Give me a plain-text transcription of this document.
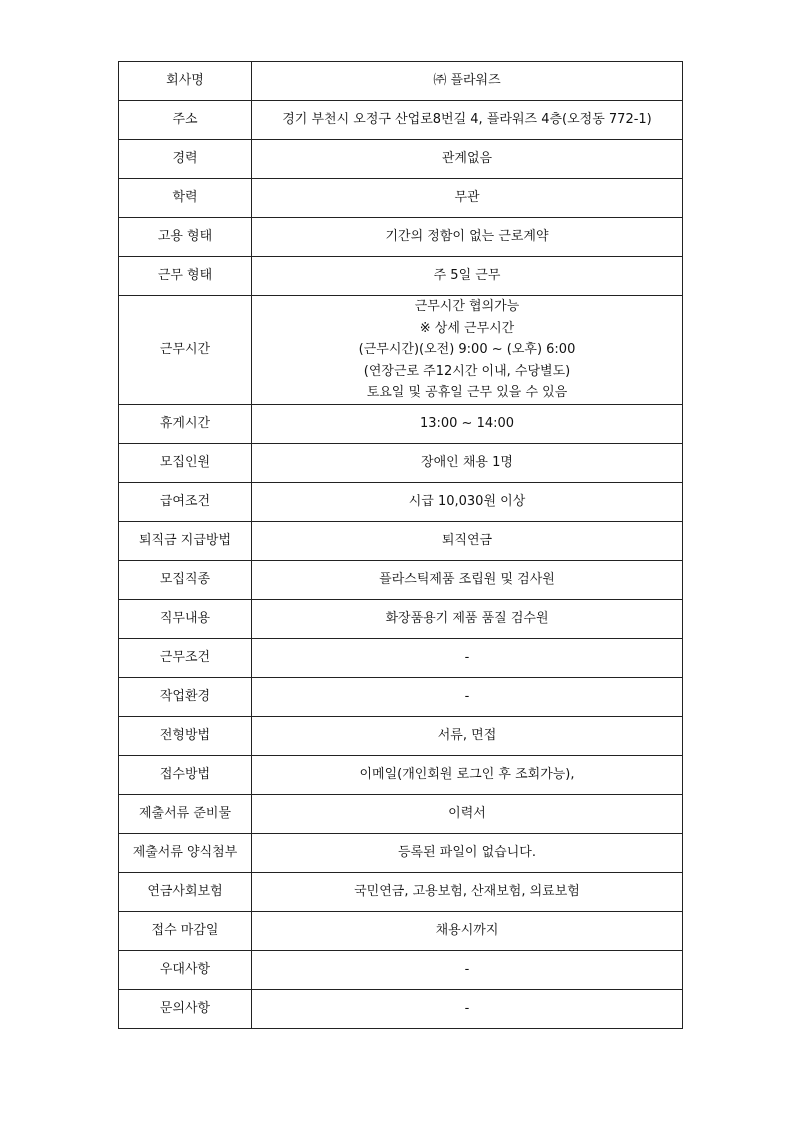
회사명	㈜ 플라워즈
주소	경기 부천시 오정구 산업로8번길 4, 플라워즈 4층(오정동 772-1)
경력	관계없음
학력	무관
고용 형태	기간의 정함이 없는 근로계약
근무 형태	주 5일 근무
근무시간	근무시간 협의가능
※ 상세 근무시간
(근무시간)(오전) 9:00 ~ (오후) 6:00
(연장근로 주12시간 이내, 수당별도)
토요일 및 공휴일 근무 있을 수 있음

휴게시간	13:00 ~ 14:00
모집인원	장애인 채용 1명
급여조건	시급 10,030원 이상
퇴직금 지급방법	퇴직연금
모집직종	플라스틱제품 조립원 및 검사원
직무내용	화장품용기 제품 품질 검수원
근무조건	-
작업환경	-
전형방법	서류, 면접
접수방법	이메일(개인회원 로그인 후 조회가능),
제출서류 준비물	이력서
제출서류 양식첨부	등록된 파일이 없습니다.
연금사회보험	국민연금, 고용보험, 산재보험, 의료보험
접수 마감일	채용시까지
우대사항	-
문의사항	-
